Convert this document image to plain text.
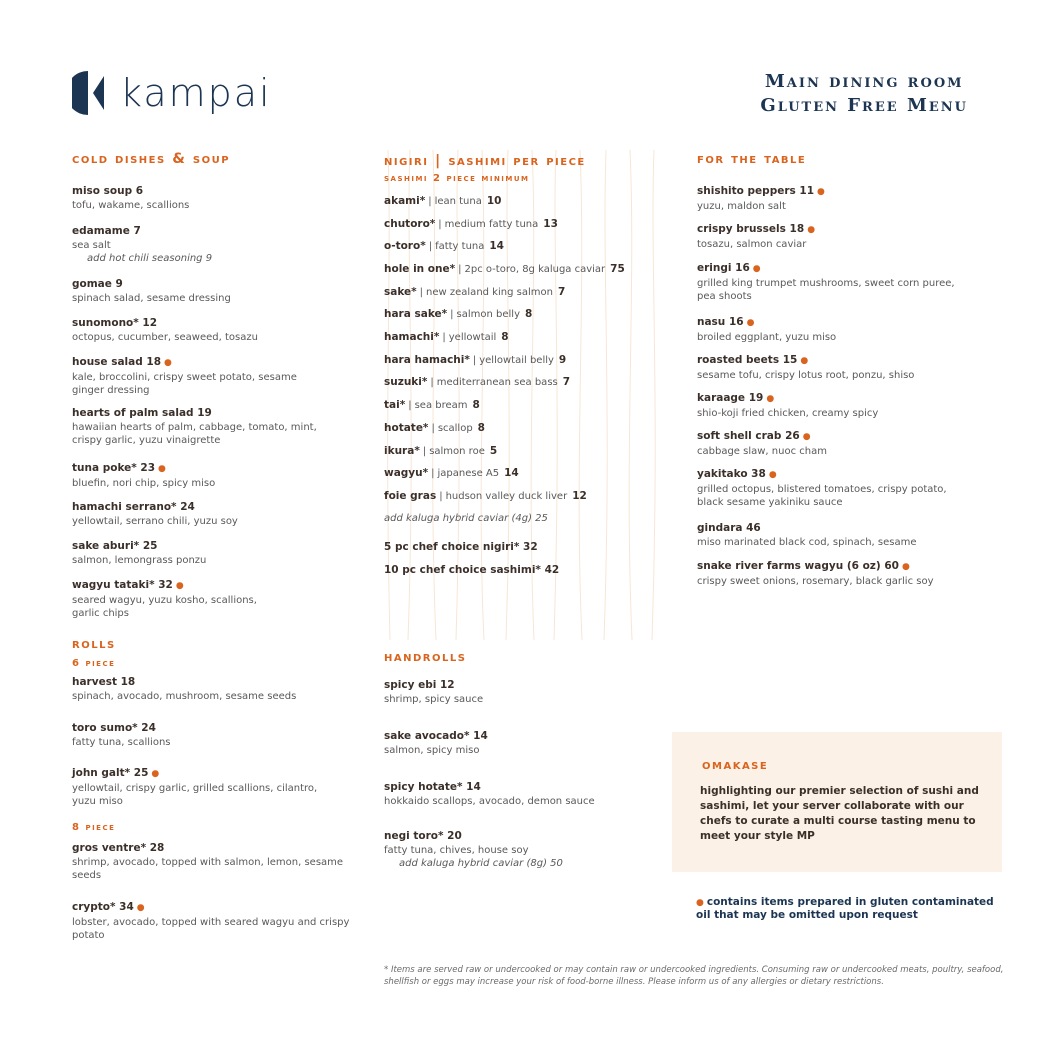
kampai	Main dining room
Gluten Free Menu
cold dishes & soup
miso soup 6
tofu, wakame, scallions
edamame 7
sea salt
add hot chili seasoning 9
gomae 9
spinach salad, sesame dressing
sunomono* 12
octopus, cucumber, seaweed, tosazu
house salad 18 ●
kale, broccolini, crispy sweet potato, sesame ginger dressing
hearts of palm salad 19
hawaiian hearts of palm, cabbage, tomato, mint, crispy garlic, yuzu vinaigrette
tuna poke* 23 ●
bluefin, nori chip, spicy miso
hamachi serrano* 24
yellowtail, serrano chili, yuzu soy
sake aburi* 25
salmon, lemongrass ponzu
wagyu tataki* 32 ●
seared wagyu, yuzu kosho, scallions, garlic chips
rolls
6 piece
harvest 18
spinach, avocado, mushroom, sesame seeds
toro sumo* 24
fatty tuna, scallions
john galt* 25 ●
yellowtail, crispy garlic, grilled scallions, cilantro, yuzu miso
8 piece
gros ventre* 28
shrimp, avocado, topped with salmon, lemon, sesame seeds
crypto* 34 ●
lobster, avocado, topped with seared wagyu and crispy potato
nigiri | sashimi per piece
sashimi 2 piece minimum
akami* | lean tuna 10
chutoro* | medium fatty tuna 13
o-toro* | fatty tuna 14
hole in one* | 2pc o-toro, 8g kaluga caviar 75
sake* | new zealand king salmon 7
hara sake* | salmon belly 8
hamachi* | yellowtail 8
hara hamachi* | yellowtail belly 9
suzuki* | mediterranean sea bass 7
tai* | sea bream 8
hotate* | scallop 8
ikura* | salmon roe 5
wagyu* | japanese A5 14
foie gras | hudson valley duck liver 12
add kaluga hybrid caviar (4g) 25
5 pc chef choice nigiri* 32
10 pc chef choice sashimi* 42
handrolls
spicy ebi 12
shrimp, spicy sauce
sake avocado* 14
salmon, spicy miso
spicy hotate* 14
hokkaido scallops, avocado, demon sauce
negi toro* 20
fatty tuna, chives, house soy
add kaluga hybrid caviar (8g) 50
for the table
shishito peppers 11 ●
yuzu, maldon salt
crispy brussels 18 ●
tosazu, salmon caviar
eringi 16 ●
grilled king trumpet mushrooms, sweet corn puree, pea shoots
nasu 16 ●
broiled eggplant, yuzu miso
roasted beets 15 ●
sesame tofu, crispy lotus root, ponzu, shiso
karaage 19 ●
shio-koji fried chicken, creamy spicy
soft shell crab 26 ●
cabbage slaw, nuoc cham
yakitako 38 ●
grilled octopus, blistered tomatoes, crispy potato, black sesame yakiniku sauce
gindara 46
miso marinated black cod, spinach, sesame
snake river farms wagyu (6 oz) 60 ●
crispy sweet onions, rosemary, black garlic soy
omakase
highlighting our premier selection of sushi and sashimi, let your server collaborate with our chefs to curate a multi course tasting menu to meet your style MP
● contains items prepared in gluten contaminated oil that may be omitted upon request
* Items are served raw or undercooked or may contain raw or undercooked ingredients. Consuming raw or undercooked meats, poultry, seafood, shellfish or eggs may increase your risk of food-borne illness. Please inform us of any allergies or dietary restrictions.
